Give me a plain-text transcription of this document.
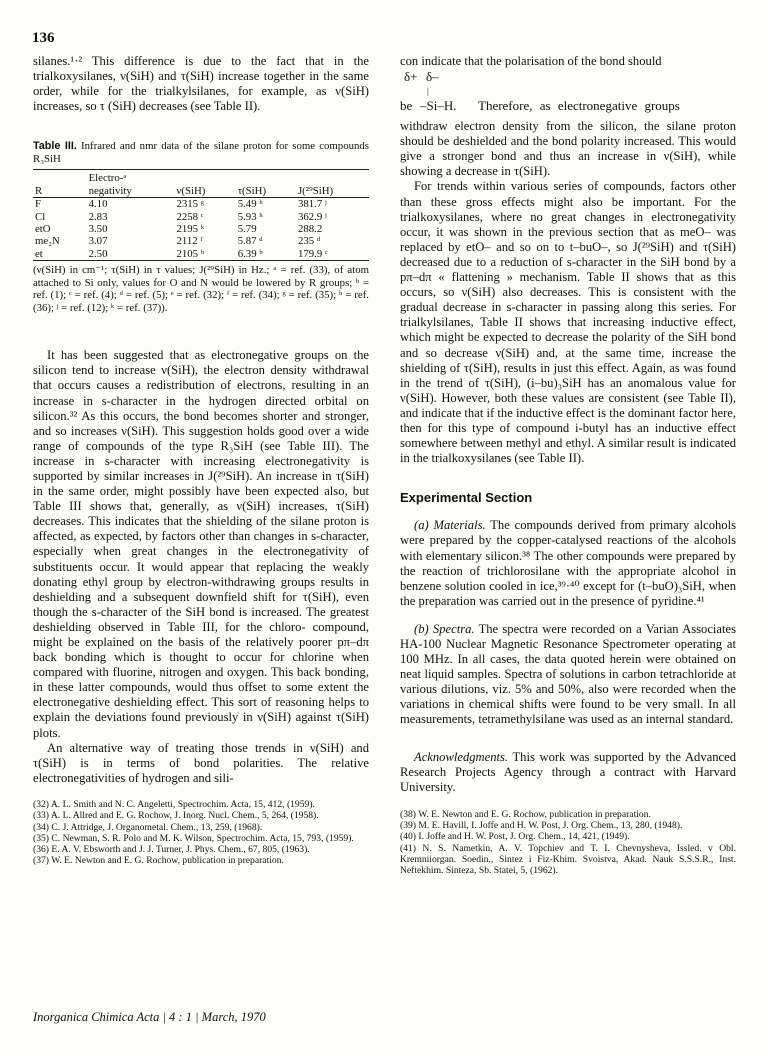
136

silanes.¹·² This difference is due to the fact that in the trialkoxysilanes, ν(SiH) and τ(SiH) increase together in the same order, while for the trialkylsilanes, for example, as ν(SiH) increases, so τ (SiH) decreases (see Table II).

Table III. Infrared and nmr data of the silane proton for some compounds R₃SiH
	Electro-ᵃ			
R	negativity	ν(SiH)	τ(SiH)	J(²⁹SiH)
F	4.10	2315 ᵍ	5.49 ʰ	381.7 ʲ
Cl	2.83	2258 ᶜ	5.93 ʰ	362.9 ʲ
etO	3.50	2195 ᵏ	5.79	288.2
me₂N	3.07	2112 ᶠ	5.87 ᵈ	235 ᵈ
et	2.50	2105 ᵇ	6.39 ᵇ	179.9 ᶜ
(ν(SiH) in cm⁻¹; τ(SiH) in τ values; J(²⁹SiH) in Hz.; ᵃ = ref. (33), of atom attached to Si only, values for O and N would be lowered by R groups; ᵇ = ref. (1); ᶜ = ref. (4); ᵈ = ref. (5); ᵉ = ref. (32); ᶠ = ref. (34); ᵍ = ref. (35); ʰ = ref. (36); ʲ = ref. (12); ᵏ = ref. (37)).

It has been suggested that as electronegative groups on the silicon tend to increase ν(SiH), the electron density withdrawal that occurs causes a redistribution of electrons, resulting in an increase in s-character in the hydrogen directed orbital on silicon.³² As this occurs, the bond becomes shorter and stronger, and so increases ν(SiH). This suggestion holds good over a wide range of compounds of the type R₃SiH (see Table III). The increase in s-character with increasing electronegativity is supported by similar increases in J(²⁹SiH). An increase in τ(SiH) in the same order, might possibly have been expected also, but Table III shows that, generally, as ν(SiH) increases, τ(SiH) decreases. This indicates that the shielding of the silane proton is affected, as expected, by factors other than changes in s-character, especially when great changes in the electronegativity of substituents occur. It would appear that replacing the weakly donating ethyl group by electron-withdrawing groups results in deshielding and a subsequent downfield shift for τ(SiH), even though the s-character of the SiH bond is increased. The greatest deshielding observed in Table III, for the chloro- compound, might be explained on the basis of the relatively poorer pπ–dπ back bonding which is thought to occur for chlorine when compared with fluorine, nitrogen and oxygen. This back bonding, in these latter compounds, would thus offset to some extent the electronegative deshielding effect. This sort of reasoning helps to explain the deviations found previously in ν(SiH) against τ(SiH) plots.

An alternative way of treating those trends in ν(SiH) and τ(SiH) is in terms of bond polarities. The relative electronegativities of hydrogen and sili-

(32) A. L. Smith and N. C. Angeletti, Spectrochim. Acta, 15, 412, (1959).
(33) A. L. Allred and E. G. Rochow, J. Inorg. Nucl. Chem., 5, 264, (1958).
(34) C. J. Attridge, J. Organometal. Chem., 13, 259, (1968).
(35) C. Newman, S. R. Polo and M. K. Wilson, Spectrochim. Acta, 15, 793, (1959).
(36) E. A. V. Ebsworth and J. J. Turner, J. Phys. Chem., 67, 805, (1963).
(37) W. E. Newton and E. G. Rochow, publication in preparation.

con indicate that the polarisation of the bond should

δ+ δ–
|
be –Si–H. Therefore, as electronegative groups

withdraw electron density from the silicon, the silane proton should be deshielded and the bond polarity increased. This would give a stronger bond and thus an increase in ν(SiH), while showing a decrease in τ(SiH).

For trends within various series of compounds, factors other than these gross effects might also be important. For the trialkoxysilanes, where no great changes in electronegativity occur, it was shown in the previous section that as meO– was replaced by etO– and so on to t–buO–, so J(²⁹SiH) and τ(SiH) decreased due to a reduction of s-character in the SiH bond by a pπ–dπ « flattening » mechanism. Table II shows that as this occurs, so ν(SiH) also decreases. This is consistent with the gradual decrease in s-character in passing along this series. For trialkylsilanes, Table II shows that increasing inductive effect, which might be expected to decrease the polarity of the SiH bond and so decrease ν(SiH) and, at the same time, increase the shielding of τ(SiH), results in just this effect. Again, as was found in the trend of τ(SiH), (i–bu)₃SiH has an anomalous value for ν(SiH). However, both these values are consistent (see Table II), and indicate that if the inductive effect is the dominant factor here, then for this type of compound i-butyl has an inductive effect somewhere between methyl and ethyl. A similar result is indicated in the trialkoxysilanes (see Table II).

Experimental Section

(a) Materials. The compounds derived from primary alcohols were prepared by the copper-catalysed reactions of the alcohols with elementary silicon.³⁸ The other compounds were prepared by the reaction of trichlorosilane with the appropriate alcohol in benzene solution cooled in ice,³⁹·⁴⁰ except for (t–buO)₃SiH, when the preparation was carried out in the presence of pyridine.⁴¹

(b) Spectra. The spectra were recorded on a Varian Associates HA-100 Nuclear Magnetic Resonance Spectrometer operating at 100 MHz. In all cases, the data quoted herein were obtained on neat liquid samples. Spectra of solutions in carbon tetrachloride at various dilutions, viz. 5% and 50%, also were recorded when the variations in chemical shifts were found to be very small. In all measurements, tetramethylsilane was used as an internal standard.

Acknowledgments. This work was supported by the Advanced Research Projects Agency through a contract with Harvard University.

(38) W. E. Newton and E. G. Rochow, publication in preparation.
(39) M. E. Havill, I. Joffe and H. W. Post, J. Org. Chem., 13, 280, (1948).
(40) I. Joffe and H. W. Post, J. Org. Chem., 14, 421, (1949).
(41) N. S. Nametkin, A. V. Topchiev and T. I. Chevnysheva, Issled. v Obl. Kremniiorgan. Soedin., Sintez i Fiz-Khim. Svoistva, Akad. Nauk S.S.S.R., Inst. Neftekhim. Sinteza, Sb. Statei, 5, (1962).
Inorganica Chimica Acta | 4 : 1 | March, 1970
